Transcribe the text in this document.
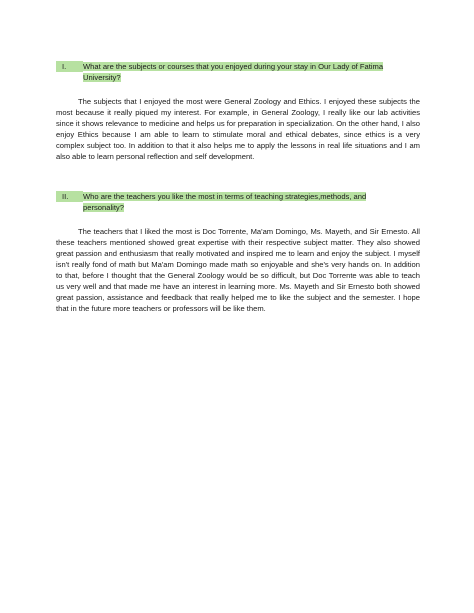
I.	What are the subjects or courses that you enjoyed during your stay in Our Lady of Fatima University?

The subjects that I enjoyed the most were General Zoology and Ethics. I enjoyed these subjects the most because it really piqued my interest. For example, in General Zoology, I really like our lab activities since it shows relevance to medicine and helps us for preparation in specialization. On the other hand, I also enjoy Ethics because I am able to learn to stimulate moral and ethical debates, since ethics is a very complex subject too. In addition to that it also helps me to apply the lessons in real life situations and I am also able to learn personal reflection and self development.

II.	Who are the teachers you like the most in terms of teaching strategies,methods, and personality?

The teachers that I liked the most is Doc Torrente, Ma'am Domingo, Ms. Mayeth, and Sir Ernesto. All these teachers mentioned showed great expertise with their respective subject matter. They also showed great passion and enthusiasm that really motivated and inspired me to learn and enjoy the subject. I myself isn't really fond of math but Ma'am Domingo made math so enjoyable and she's very hands on. In addition to that, before I thought that the General Zoology would be so difficult, but Doc Torrente was able to teach us very well and that made me have an interest in learning more. Ms. Mayeth and Sir Ernesto both showed great passion, assistance and feedback that really helped me to like the subject and the semester. I hope that in the future more teachers or professors will be like them.
